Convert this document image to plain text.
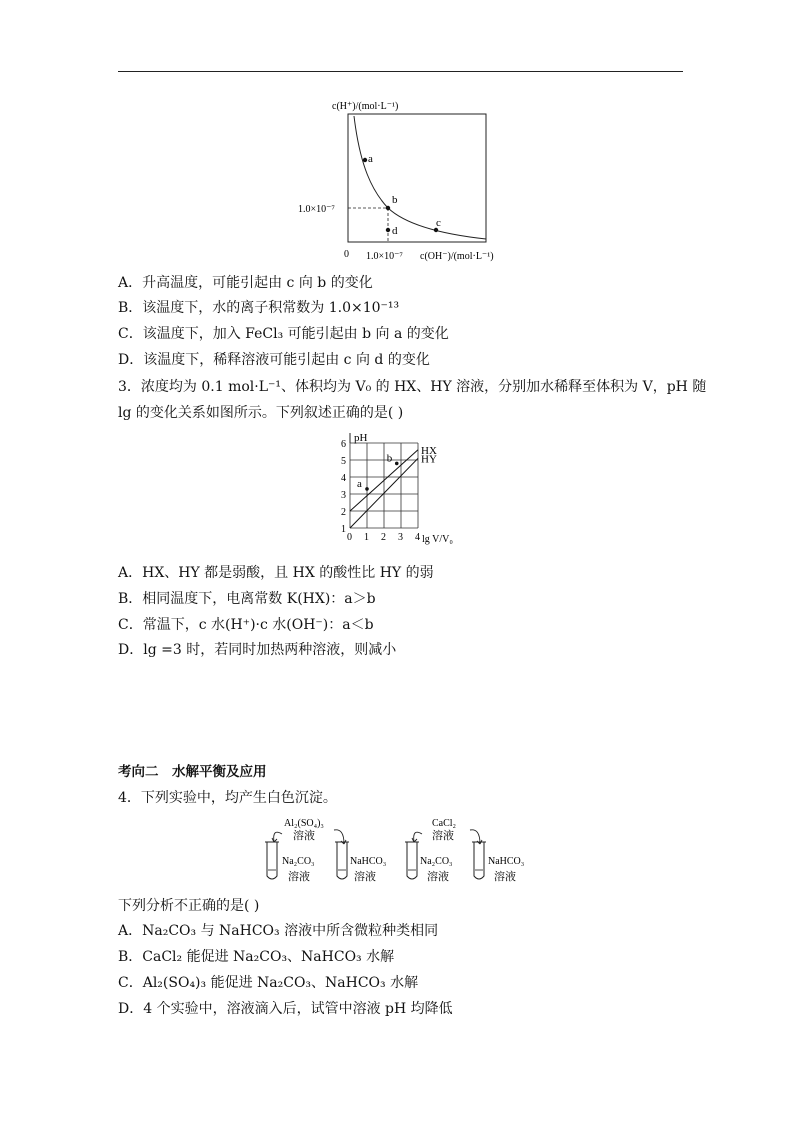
a
b
c
d
c(H⁺)/(mol·L⁻¹)
1.0×10⁻⁷
0 1.0×10⁻⁷ c(OH⁻)/(mol·L⁻¹)
A．升高温度，可能引起由 c 向 b 的变化
B．该温度下，水的离子积常数为 1.0×10⁻¹³
C．该温度下，加入 FeCl₃ 可能引起由 b 向 a 的变化
D．该温度下，稀释溶液可能引起由 c 向 d 的变化
3．浓度均为 0.1 mol·L⁻¹、体积均为 V₀ 的 HX、HY 溶液，分别加水稀释至体积为 V，pH 随
lg 的变化关系如图所示。下列叙述正确的是( )
HX
HY
0 1 2 3 4
1
2
3
4
5
6
pH
lg V/V₀
a
b
A．HX、HY 都是弱酸，且 HX 的酸性比 HY 的弱
B．相同温度下，电离常数 K(HX)：a＞b
C．常温下，c 水(H⁺)·c 水(OH⁻)：a＜b
D．lg =3 时，若同时加热两种溶液，则减小
考向二　水解平衡及应用
4．下列实验中，均产生白色沉淀。
Al₂(SO₄)₃
溶液
CaCl₂
溶液
Na₂CO₃
溶液
NaHCO₃
溶液
Na₂CO₃
溶液
NaHCO₃
溶液
下列分析不正确的是( )
A．Na₂CO₃ 与 NaHCO₃ 溶液中所含微粒种类相同
B．CaCl₂ 能促进 Na₂CO₃、NaHCO₃ 水解
C．Al₂(SO₄)₃ 能促进 Na₂CO₃、NaHCO₃ 水解
D．4 个实验中，溶液滴入后，试管中溶液 pH 均降低
